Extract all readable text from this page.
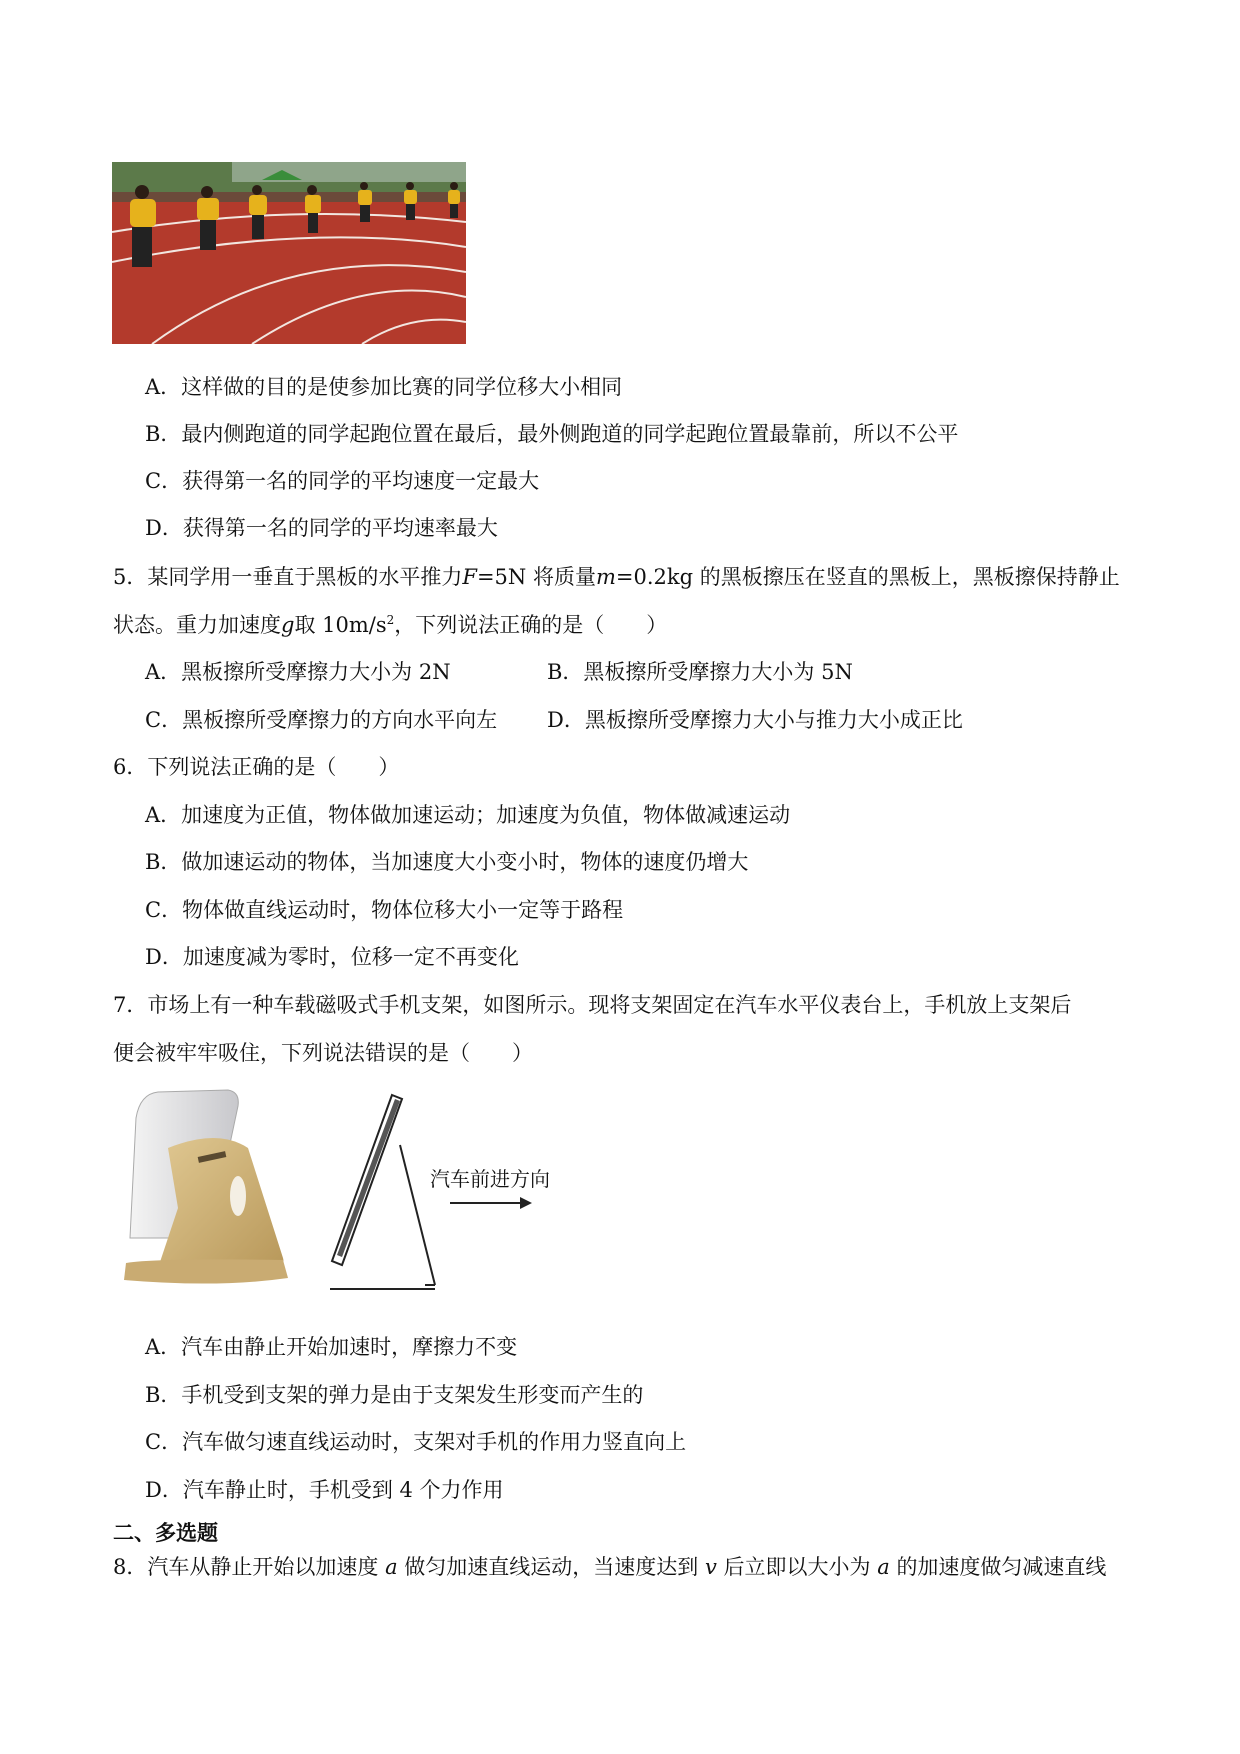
A．这样做的目的是使参加比赛的同学位移大小相同
B．最内侧跑道的同学起跑位置在最后，最外侧跑道的同学起跑位置最靠前，所以不公平
C．获得第一名的同学的平均速度一定最大
D．获得第一名的同学的平均速率最大
5．某同学用一垂直于黑板的水平推力F=5N 将质量m=0.2kg 的黑板擦压在竖直的黑板上，黑板擦保持静止
状态。重力加速度g取 $10m/s^2$，下列说法正确的是（　　）
A．黑板擦所受摩擦力大小为 2N	B．黑板擦所受摩擦力大小为 5N
C．黑板擦所受摩擦力的方向水平向左 D．黑板擦所受摩擦力大小与推力大小成正比
6．下列说法正确的是（　　）
A．加速度为正值，物体做加速运动；加速度为负值，物体做减速运动
B．做加速运动的物体，当加速度大小变小时，物体的速度仍增大
C．物体做直线运动时，物体位移大小一定等于路程
D．加速度减为零时，位移一定不再变化
7．市场上有一种车载磁吸式手机支架，如图所示。现将支架固定在汽车水平仪表台上，手机放上支架后
便会被牢牢吸住，下列说法错误的是（　　）
汽车前进方向
A．汽车由静止开始加速时，摩擦力不变
B．手机受到支架的弹力是由于支架发生形变而产生的
C．汽车做匀速直线运动时，支架对手机的作用力竖直向上
D．汽车静止时，手机受到 4 个力作用
二、多选题
8．汽车从静止开始以加速度 a 做匀加速直线运动，当速度达到 v 后立即以大小为 a 的加速度做匀减速直线
